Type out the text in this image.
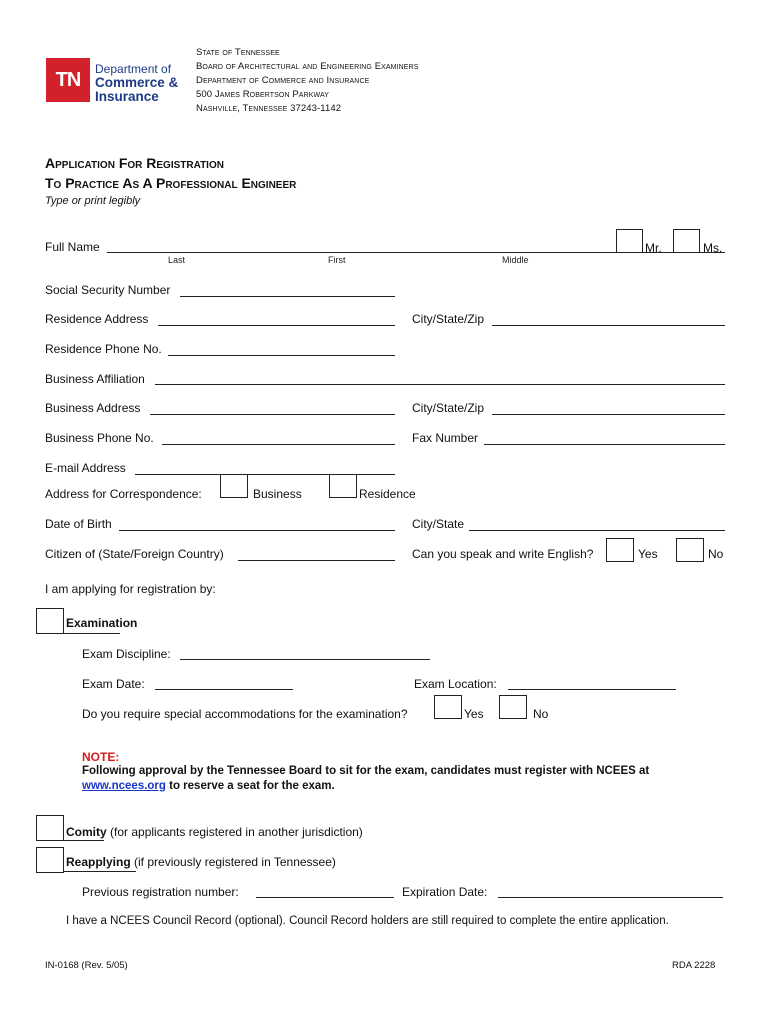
TN	Department of
Commerce &
Insurance
State of Tennessee
Board of Architectural and Engineering Examiners
Department of Commerce and Insurance
500 James Robertson Parkway
Nashville, Tennessee 37243-1142
Application For Registration
To Practice As A Professional Engineer
Type or print legibly
Full Name
Last	First	Middle
Mr.	Ms.
Social Security Number
Residence Address	City/State/Zip
Residence Phone No.
Business Affiliation
Business Address	City/State/Zip
Business Phone No.	Fax Number
E-mail Address
Address for Correspondence:	Business	Residence
Date of Birth	City/State
Citizen of (State/Foreign Country)	Can you speak and write English?	Yes	No
I am applying for registration by:
Examination
Exam Discipline:
Exam Date:	Exam Location:
Do you require special accommodations for the examination?	Yes	No
NOTE:
Following approval by the Tennessee Board to sit for the exam, candidates must register with NCEES at
www.ncees.org to reserve a seat for the exam.
Comity (for applicants registered in another jurisdiction)
Reapplying (if previously registered in Tennessee)
Previous registration number:	Expiration Date:
I have a NCEES Council Record (optional). Council Record holders are still required to complete the entire application.
IN-0168 (Rev. 5/05)	RDA 2228
